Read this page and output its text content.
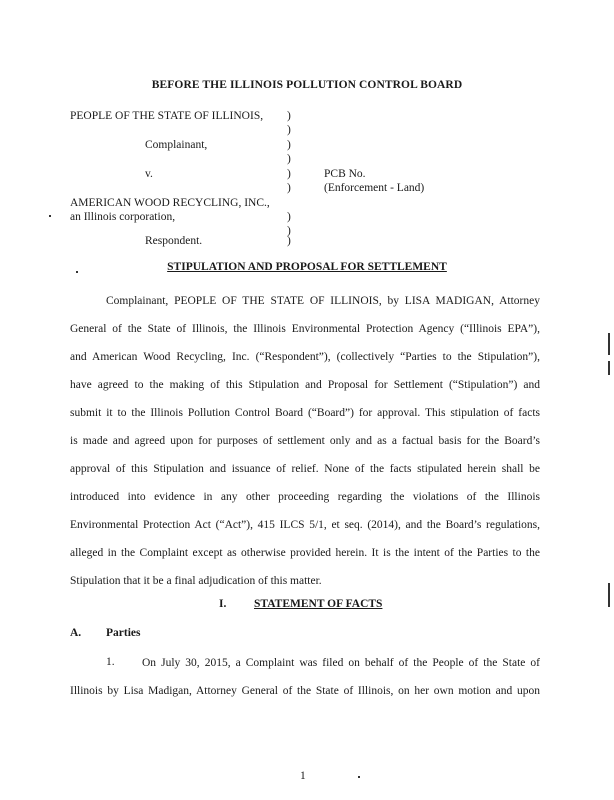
BEFORE THE ILLINOIS POLLUTION CONTROL BOARD
PEOPLE OF THE STATE OF ILLINOIS,
Complainant,
v.
AMERICAN WOOD RECYCLING, INC.,
an Illinois corporation,
Respondent.
)
)
)
)
)
)
)
)
)
PCB No.
(Enforcement - Land)
STIPULATION AND PROPOSAL FOR SETTLEMENT
Complainant, PEOPLE OF THE STATE OF ILLINOIS, by LISA MADIGAN, Attorney
General of the State of Illinois, the Illinois Environmental Protection Agency (“Illinois EPA”),
and American Wood Recycling, Inc. (“Respondent”), (collectively “Parties to the Stipulation”),
have agreed to the making of this Stipulation and Proposal for Settlement (“Stipulation”) and
submit it to the Illinois Pollution Control Board (“Board”) for approval. This stipulation of facts
is made and agreed upon for purposes of settlement only and as a factual basis for the Board’s
approval of this Stipulation and issuance of relief. None of the facts stipulated herein shall be
introduced into evidence in any other proceeding regarding the violations of the Illinois
Environmental Protection Act (“Act”), 415 ILCS 5/1, et seq. (2014), and the Board’s regulations,
alleged in the Complaint except as otherwise provided herein. It is the intent of the Parties to the
Stipulation that it be a final adjudication of this matter.
I. STATEMENT OF FACTS
A. Parties
1. On July 30, 2015, a Complaint was filed on behalf of the People of the State of
Illinois by Lisa Madigan, Attorney General of the State of Illinois, on her own motion and upon
1
